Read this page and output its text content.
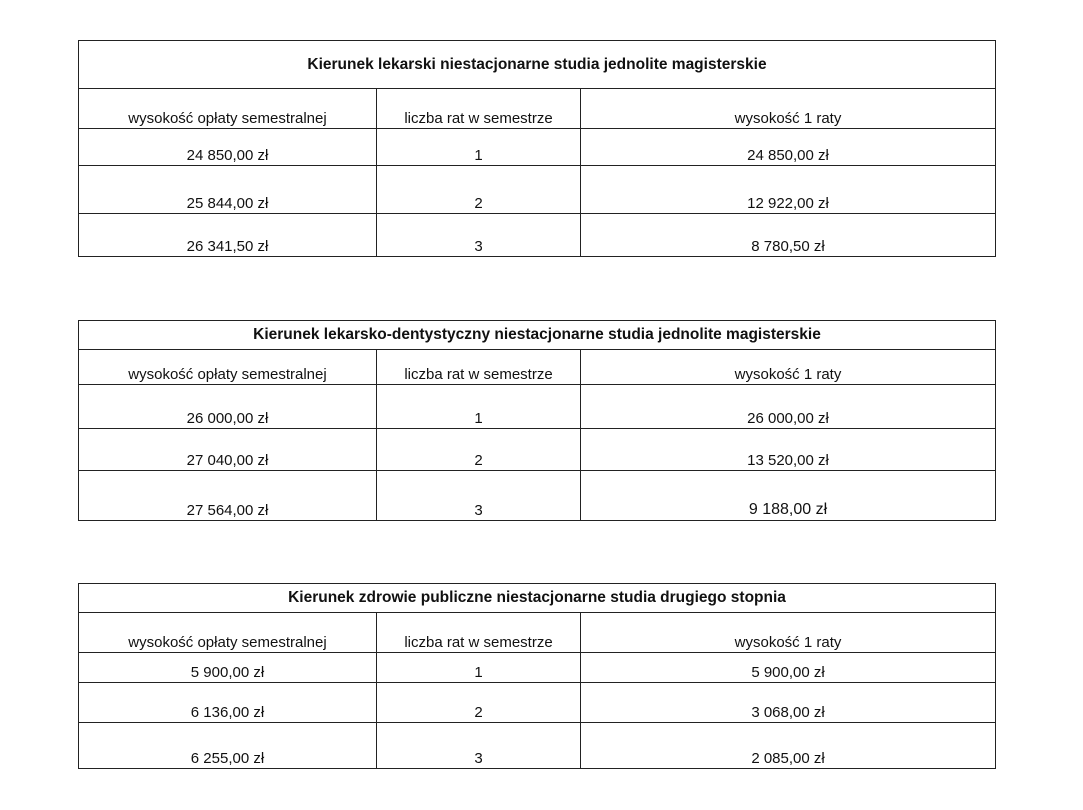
Kierunek lekarski niestacjonarne studia jednolite magisterskie		
wysokość opłaty semestralnej	liczba rat w semestrze	wysokość 1 raty
24 850,00 zł	1	24 850,00 zł
25 844,00 zł	2	12 922,00 zł
26 341,50 zł	3	8 780,50 zł
Kierunek lekarsko-dentystyczny niestacjonarne studia jednolite magisterskie		
wysokość opłaty semestralnej	liczba rat w semestrze	wysokość 1 raty
26 000,00 zł	1	26 000,00 zł
27 040,00 zł	2	13 520,00 zł
27 564,00 zł	3	9 188,00 zł
Kierunek zdrowie publiczne niestacjonarne studia drugiego stopnia		
wysokość opłaty semestralnej	liczba rat w semestrze	wysokość 1 raty
5 900,00 zł	1	5 900,00 zł
6 136,00 zł	2	3 068,00 zł
6 255,00 zł	3	2 085,00 zł
